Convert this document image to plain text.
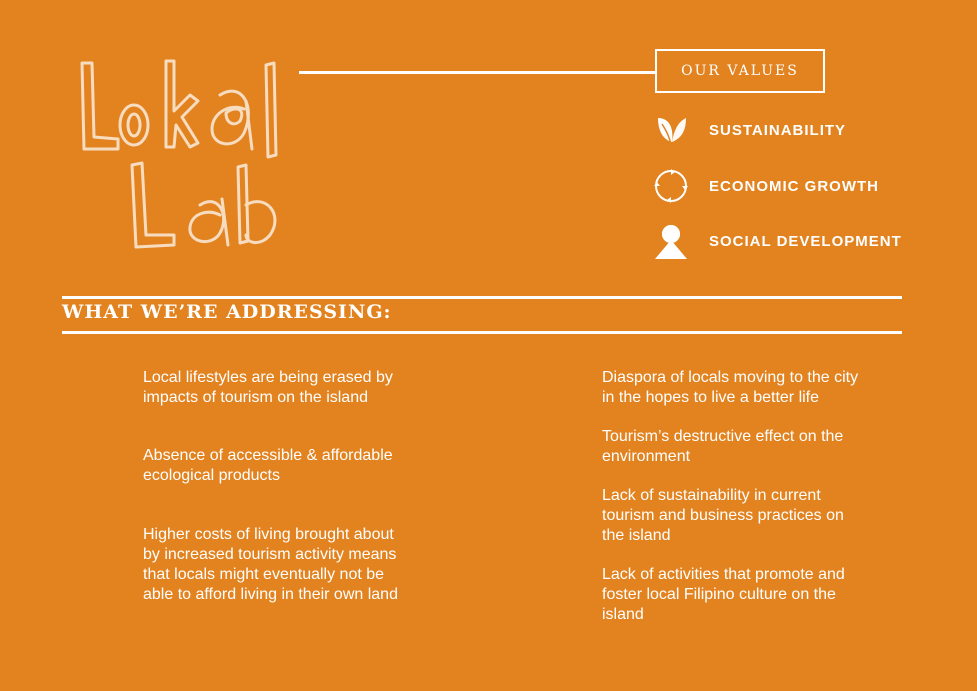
OUR VALUES
SUSTAINABILITY
ECONOMIC GROWTH
SOCIAL DEVELOPMENT
WHAT WE’RE ADDRESSING:
Local lifestyles are being erased by
impacts of tourism on the island
Absence of accessible & affordable
ecological products
Higher costs of living brought about
by increased tourism activity means
that locals might eventually not be
able to afford living in their own land
Diaspora of locals moving to the city
in the hopes to live a better life
Tourism’s destructive effect on the
environment
Lack of sustainability in current
tourism and business practices on
the island
Lack of activities that promote and
foster local Filipino culture on the
island
